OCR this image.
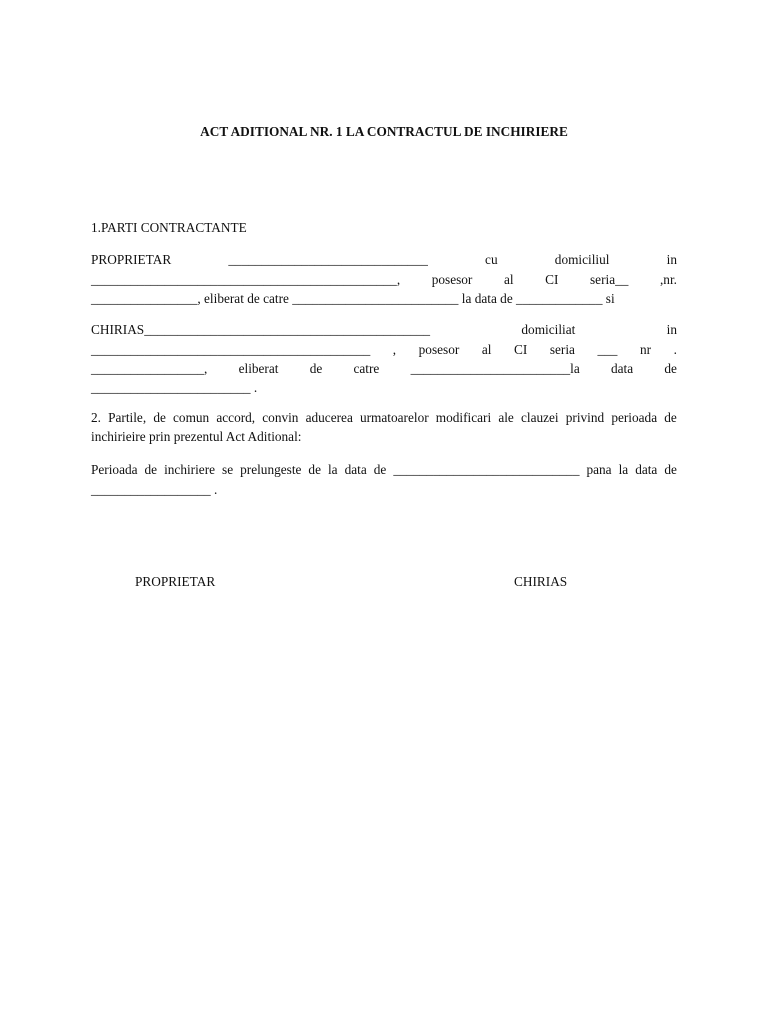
ACT ADITIONAL NR. 1 LA CONTRACTUL DE INCHIRIERE
1.PARTI CONTRACTANTE
PROPRIETAR	______________________________	cu	domiciliul	in
______________________________________________, posesor al CI seria__ ,nr.
________________, eliberat de catre _________________________ la data de _____________ si
CHIRIAS___________________________________________	domiciliat	in
__________________________________________ , posesor al CI seria ___ nr .
_________________, eliberat de catre ________________________la data de
________________________ .
2. Partile, de comun accord, convin aducerea urmatoarelor modificari ale clauzei privind perioada de
inchirieire prin prezentul Act Aditional:
Perioada de inchiriere se prelungeste de la data de ____________________________ pana la data de
__________________ .
PROPRIETAR	CHIRIAS
